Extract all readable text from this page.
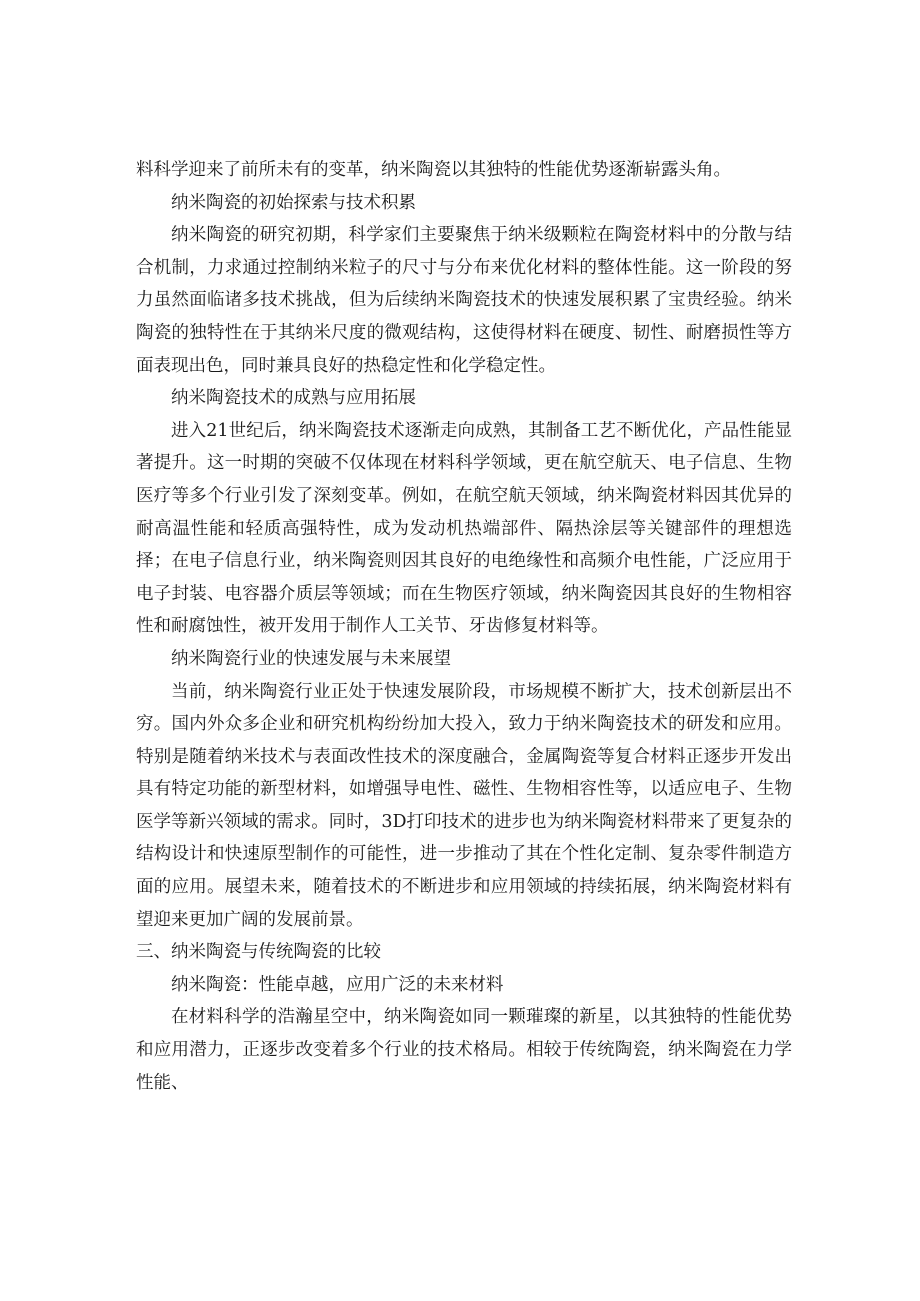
料科学迎来了前所未有的变革，纳米陶瓷以其独特的性能优势逐渐崭露头角。

纳米陶瓷的初始探索与技术积累

纳米陶瓷的研究初期，科学家们主要聚焦于纳米级颗粒在陶瓷材料中的分散与结合机制，力求通过控制纳米粒子的尺寸与分布来优化材料的整体性能。这一阶段的努力虽然面临诸多技术挑战，但为后续纳米陶瓷技术的快速发展积累了宝贵经验。纳米陶瓷的独特性在于其纳米尺度的微观结构，这使得材料在硬度、韧性、耐磨损性等方面表现出色，同时兼具良好的热稳定性和化学稳定性。

纳米陶瓷技术的成熟与应用拓展

进入21世纪后，纳米陶瓷技术逐渐走向成熟，其制备工艺不断优化，产品性能显著提升。这一时期的突破不仅体现在材料科学领域，更在航空航天、电子信息、生物医疗等多个行业引发了深刻变革。例如，在航空航天领域，纳米陶瓷材料因其优异的耐高温性能和轻质高强特性，成为发动机热端部件、隔热涂层等关键部件的理想选择；在电子信息行业，纳米陶瓷则因其良好的电绝缘性和高频介电性能，广泛应用于电子封装、电容器介质层等领域；而在生物医疗领域，纳米陶瓷因其良好的生物相容性和耐腐蚀性，被开发用于制作人工关节、牙齿修复材料等。

纳米陶瓷行业的快速发展与未来展望

当前，纳米陶瓷行业正处于快速发展阶段，市场规模不断扩大，技术创新层出不穷。国内外众多企业和研究机构纷纷加大投入，致力于纳米陶瓷技术的研发和应用。特别是随着纳米技术与表面改性技术的深度融合，金属陶瓷等复合材料正逐步开发出具有特定功能的新型材料，如增强导电性、磁性、生物相容性等，以适应电子、生物医学等新兴领域的需求。同时，3D打印技术的进步也为纳米陶瓷材料带来了更复杂的结构设计和快速原型制作的可能性，进一步推动了其在个性化定制、复杂零件制造方面的应用。展望未来，随着技术的不断进步和应用领域的持续拓展，纳米陶瓷材料有望迎来更加广阔的发展前景。

三、纳米陶瓷与传统陶瓷的比较

纳米陶瓷：性能卓越，应用广泛的未来材料

在材料科学的浩瀚星空中，纳米陶瓷如同一颗璀璨的新星，以其独特的性能优势和应用潜力，正逐步改变着多个行业的技术格局。相较于传统陶瓷，纳米陶瓷在力学性能、
